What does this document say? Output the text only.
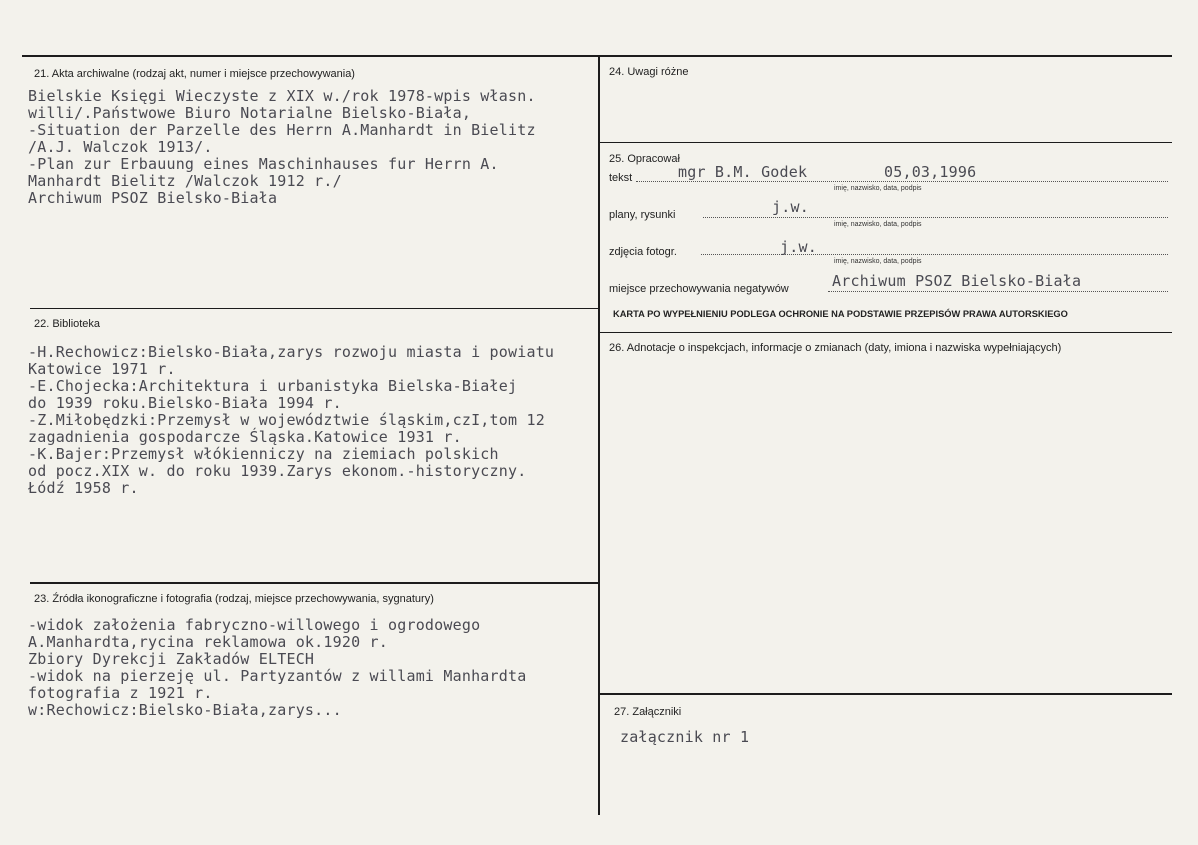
21. Akta archiwalne (rodzaj akt, numer i miejsce przechowywania)
Bielskie Księgi Wieczyste z XIX w./rok 1978-wpis własn.
willi/.Państwowe Biuro Notarialne Bielsko-Biała,
-Situation der Parzelle des Herrn A.Manhardt in Bielitz
/A.J. Walczok 1913/.
-Plan zur Erbauung eines Maschinhauses fur Herrn A.
Manhardt Bielitz /Walczok 1912 r./
Archiwum PSOZ Bielsko-Biała
22. Biblioteka
-H.Rechowicz:Bielsko-Biała,zarys rozwoju miasta i powiatu
Katowice 1971 r.
-E.Chojecka:Architektura i urbanistyka Bielska-Białej
do 1939 roku.Bielsko-Biała 1994 r.
-Z.Miłobędzki:Przemysł w województwie śląskim,czI,tom 12
zagadnienia gospodarcze Śląska.Katowice 1931 r.
-K.Bajer:Przemysł włókienniczy na ziemiach polskich
od pocz.XIX w. do roku 1939.Zarys ekonom.-historyczny.
Łódź 1958 r.
23. Źródła ikonograficzne i fotografia (rodzaj, miejsce przechowywania, sygnatury)
-widok założenia fabryczno-willowego i ogrodowego
A.Manhardta,rycina reklamowa ok.1920 r.
Zbiory Dyrekcji Zakładów ELTECH
-widok na pierzeję ul. Partyzantów z willami Manhardta
fotografia z 1921 r.
w:Rechowicz:Bielsko-Biała,zarys...
24. Uwagi różne
25. Opracował
tekst	mgr B.M. Godek	05,03,1996
imię, nazwisko, data, podpis
plany, rysunki	j.w.
imię, nazwisko, data, podpis
zdjęcia fotogr.	j.w.
imię, nazwisko, data, podpis
miejsce przechowywania negatywów	Archiwum PSOZ Bielsko-Biała
KARTA PO WYPEŁNIENIU PODLEGA OCHRONIE NA PODSTAWIE PRZEPISÓW PRAWA AUTORSKIEGO
26. Adnotacje o inspekcjach, informacje o zmianach (daty, imiona i nazwiska wypełniających)
27. Załączniki
załącznik nr 1
